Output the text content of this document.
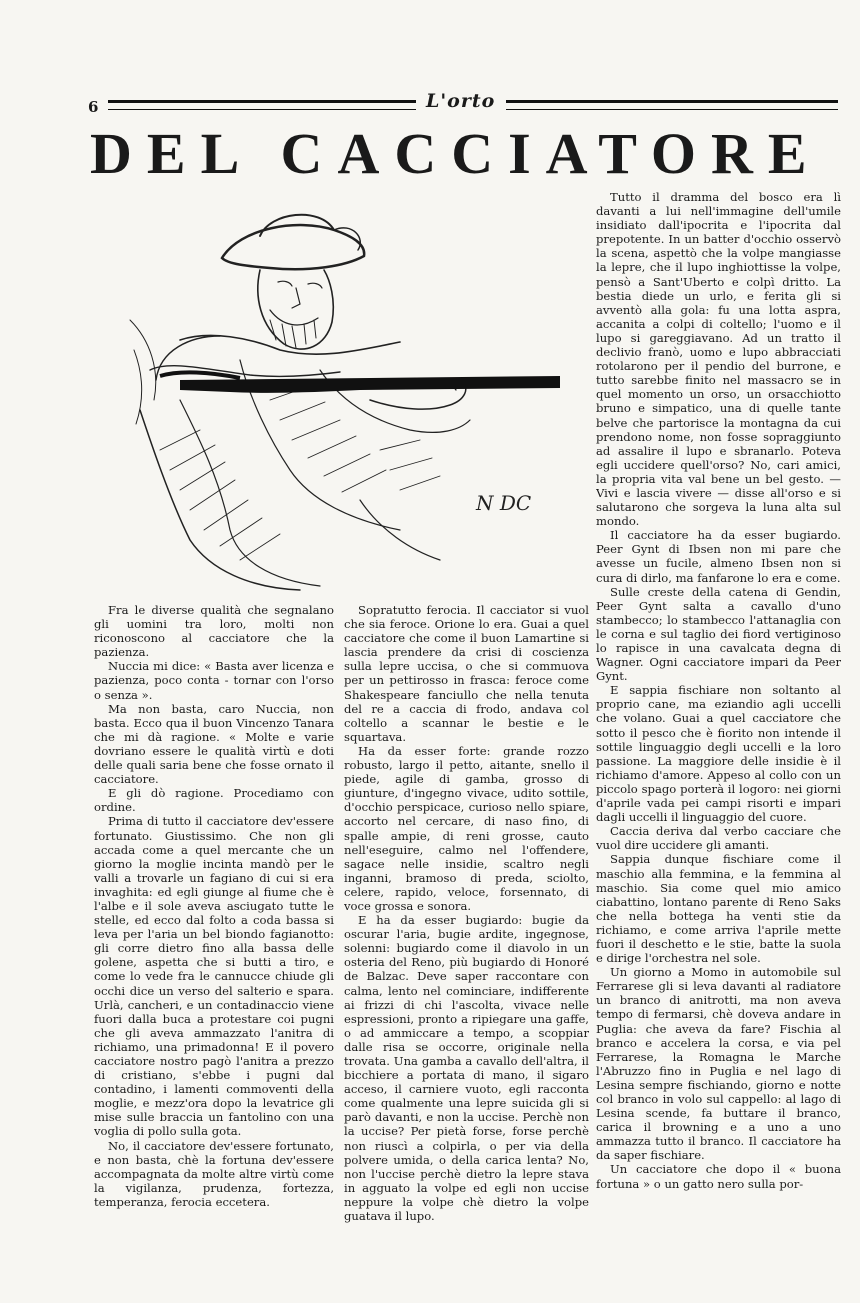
6	L'orto
DEL CACCIATORE
N DC

Fra le diverse qualità che segnalano gli uomini tra loro, molti non riconoscono al cacciatore che la pazienza.

Nuccia mi dice: « Basta aver licenza e pazienza, poco conta - tornar con l'orso o senza ».

Ma non basta, caro Nuccia, non basta. Ecco qua il buon Vincenzo Tanara che mi dà ragione. « Molte e varie dovriano essere le qualità virtù e doti delle quali saria bene che fosse ornato il cacciatore.

E gli dò ragione. Procediamo con ordine.

Prima di tutto il cacciatore dev'essere fortunato. Giustissimo. Che non gli accada come a quel mercante che un giorno la moglie incinta mandò per le valli a trovarle un fagiano di cui si era invaghita: ed egli giunge al fiume che è l'albe e il sole aveva asciugato tutte le stelle, ed ecco dal folto a coda bassa si leva per l'aria un bel biondo fagianotto: gli corre dietro fino alla bassa delle golene, aspetta che si butti a tiro, e come lo vede fra le cannucce chiude gli occhi dice un verso del salterio e spara. Urlà, cancheri, e un contadinaccio viene fuori dalla buca a protestare coi pugni che gli aveva ammazzato l'anitra di richiamo, una primadonna! E il povero cacciatore nostro pagò l'anitra a prezzo di cristiano, s'ebbe i pugni dal contadino, i lamenti commoventi della moglie, e mezz'ora dopo la levatrice gli mise sulle braccia un fantolino con una voglia di pollo sulla gota.

No, il cacciatore dev'essere fortunato, e non basta, chè la fortuna dev'essere accompagnata da molte altre virtù come la vigilanza, prudenza, fortezza, temperanza, ferocia eccetera.

Sopratutto ferocia. Il cacciator si vuol che sia feroce. Orione lo era. Guai a quel cacciatore che come il buon Lamartine si lascia prendere da crisi di coscienza sulla lepre uccisa, o che si commuova per un pettirosso in frasca: feroce come Shakespeare fanciullo che nella tenuta del re a caccia di frodo, andava col coltello a scannar le bestie e le squartava.

Ha da esser forte: grande rozzo robusto, largo il petto, aitante, snello il piede, agile di gamba, grosso di giunture, d'ingegno vivace, udito sottile, d'occhio perspicace, curioso nello spiare, accorto nel cercare, di naso fino, di spalle ampie, di reni grosse, cauto nell'eseguire, calmo nel l'offendere, sagace nelle insidie, scaltro negli inganni, bramoso di preda, sciolto, celere, rapido, veloce, forsennato, di voce grossa e sonora.

E ha da esser bugiardo: bugie da oscurar l'aria, bugie ardite, ingegnose, solenni: bugiardo come il diavolo in un osteria del Reno, più bugiardo di Honoré de Balzac. Deve saper raccontare con calma, lento nel cominciare, indifferente ai frizzi di chi l'ascolta, vivace nelle espressioni, pronto a ripiegare una gaffe, o ad ammiccare a tempo, a scoppiar dalle risa se occorre, originale nella trovata. Una gamba a cavallo dell'altra, il bicchiere a portata di mano, il sigaro acceso, il carniere vuoto, egli racconta come qualmente una lepre suicida gli si parò davanti, e non la uccise. Perchè non la uccise? Per pietà forse, forse perchè non riuscì a colpirla, o per via della polvere umida, o della carica lenta? No, non l'uccise perchè dietro la lepre stava in agguato la volpe ed egli non uccise neppure la volpe chè dietro la volpe guatava il lupo.

Tutto il dramma del bosco era lì davanti a lui nell'immagine dell'umile insidiato dall'ipocrita e l'ipocrita dal prepotente. In un batter d'occhio osservò la scena, aspettò che la volpe mangiasse la lepre, che il lupo inghiottisse la volpe, pensò a Sant'Uberto e colpì dritto. La bestia diede un urlo, e ferita gli si avventò alla gola: fu una lotta aspra, accanita a colpi di coltello; l'uomo e il lupo si gareggiavano. Ad un tratto il declivio franò, uomo e lupo abbracciati rotolarono per il pendio del burrone, e tutto sarebbe finito nel massacro se in quel momento un orso, un orsacchiotto bruno e simpatico, una di quelle tante belve che partorisce la montagna da cui prendono nome, non fosse sopraggiunto ad assalire il lupo e sbranarlo. Poteva egli uccidere quell'orso? No, cari amici, la propria vita val bene un bel gesto. — Vivi e lascia vivere — disse all'orso e si salutarono che sorgeva la luna alta sul mondo.

Il cacciatore ha da esser bugiardo. Peer Gynt di Ibsen non mi pare che avesse un fucile, almeno Ibsen non si cura di dirlo, ma fanfarone lo era e come.

Sulle creste della catena di Gendin, Peer Gynt salta a cavallo d'uno stambecco; lo stambecco l'attanaglia con le corna e sul taglio dei fiord vertiginoso lo rapisce in una cavalcata degna di Wagner. Ogni cacciatore impari da Peer Gynt.

E sappia fischiare non soltanto al proprio cane, ma eziandio agli uccelli che volano. Guai a quel cacciatore che sotto il pesco che è fiorito non intende il sottile linguaggio degli uccelli e la loro passione. La maggiore delle insidie è il richiamo d'amore. Appeso al collo con un piccolo spago porterà il logoro: nei giorni d'aprile vada pei campi risorti e impari dagli uccelli il linguaggio del cuore.

Caccia deriva dal verbo cacciare che vuol dire uccidere gli amanti.

Sappia dunque fischiare come il maschio alla femmina, e la femmina al maschio. Sia come quel mio amico ciabattino, lontano parente di Reno Saks che nella bottega ha venti stie da richiamo, e come arriva l'aprile mette fuori il deschetto e le stie, batte la suola e dirige l'orchestra nel sole.

Un giorno a Momo in automobile sul Ferrarese gli si leva davanti al radiatore un branco di anitrotti, ma non aveva tempo di fermarsi, chè doveva andare in Puglia: che aveva da fare? Fischia al branco e accelera la corsa, e via pel Ferrarese, la Romagna le Marche l'Abruzzo fino in Puglia e nel lago di Lesina sempre fischiando, giorno e notte col branco in volo sul cappello: al lago di Lesina scende, fa buttare il branco, carica il browning e a uno a uno ammazza tutto il branco. Il cacciatore ha da saper fischiare.

Un cacciatore che dopo il « buona fortuna » o un gatto nero sulla por-
